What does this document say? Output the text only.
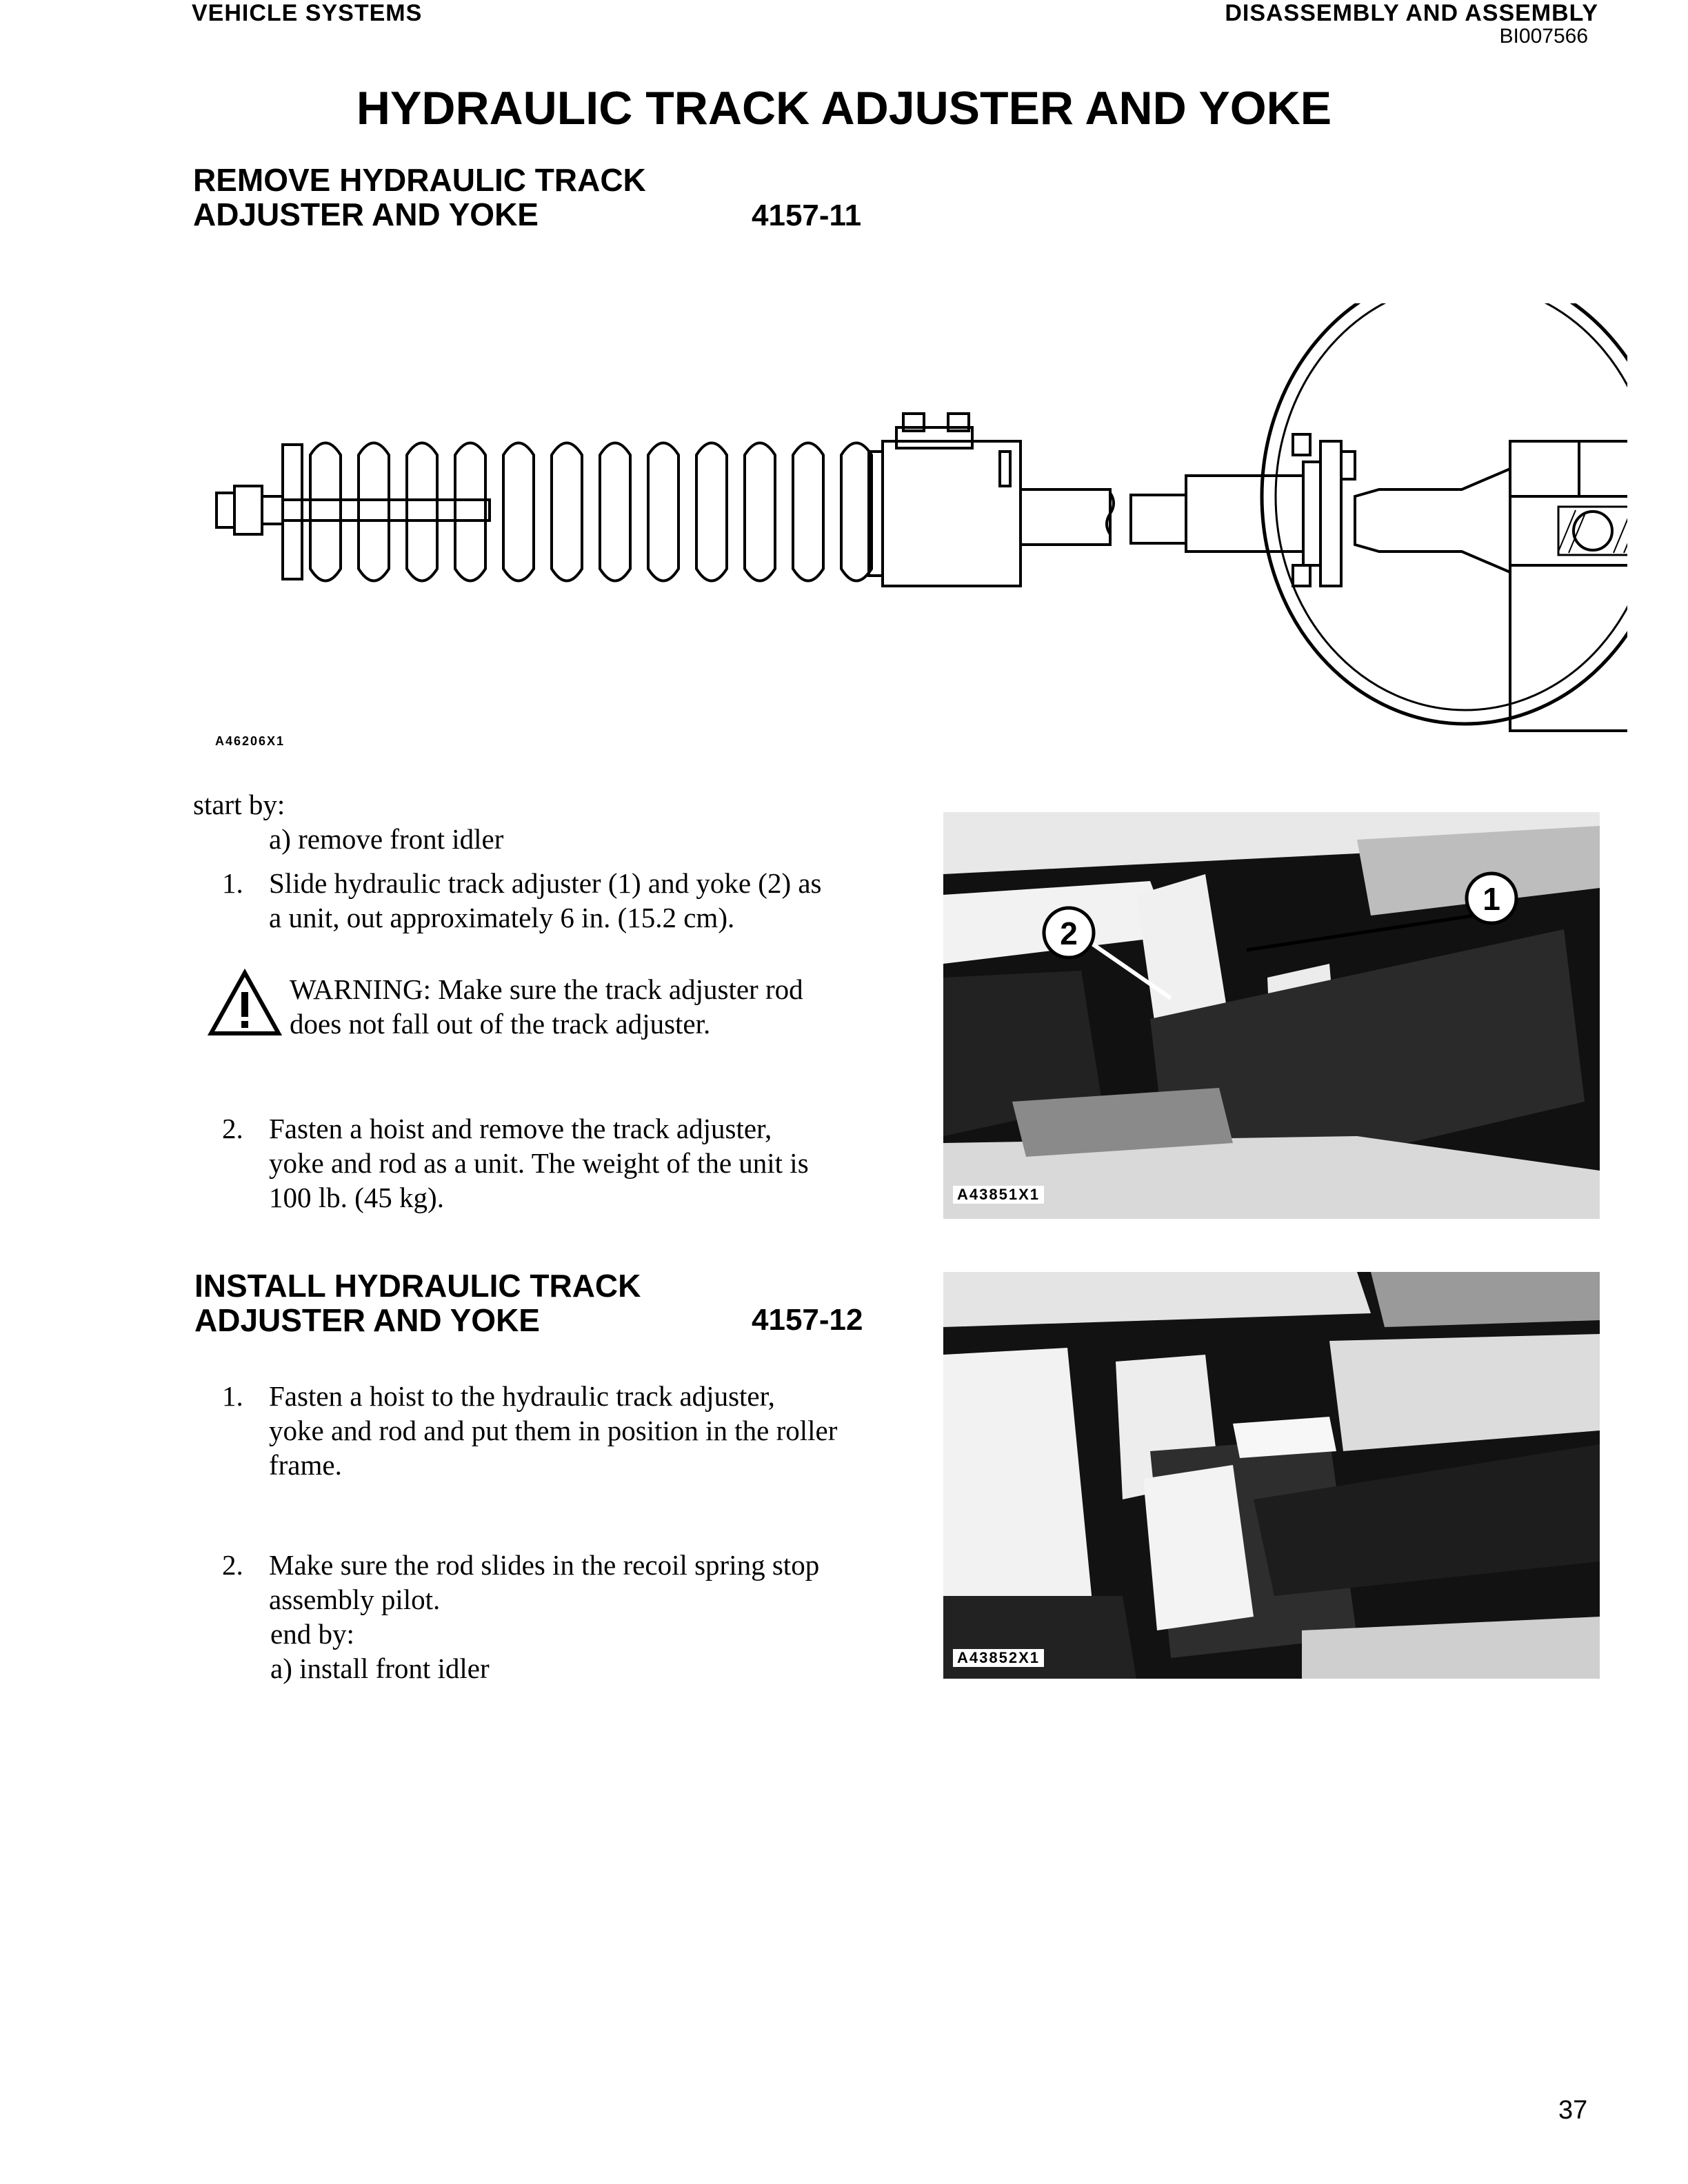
VEHICLE SYSTEMS	DISASSEMBLY AND ASSEMBLY
BI007566
HYDRAULIC TRACK ADJUSTER AND YOKE
REMOVE HYDRAULIC TRACK
ADJUSTER AND YOKE	4157-11
A46206X1
start by:
a) remove front idler
1. Slide hydraulic track adjuster (1) and yoke (2) as
a unit, out approximately 6 in. (15.2 cm).
WARNING: Make sure the track adjuster rod
does not fall out of the track adjuster.
2. Fasten a hoist and remove the track adjuster,
yoke and rod as a unit. The weight of the unit is
100 lb. (45 kg).
1
2
A43851X1
INSTALL HYDRAULIC TRACK
ADJUSTER AND YOKE	4157-12
1. Fasten a hoist to the hydraulic track adjuster,
yoke and rod and put them in position in the roller
frame.
2. Make sure the rod slides in the recoil spring stop
assembly pilot.
end by:
a) install front idler	A43852X1
37
